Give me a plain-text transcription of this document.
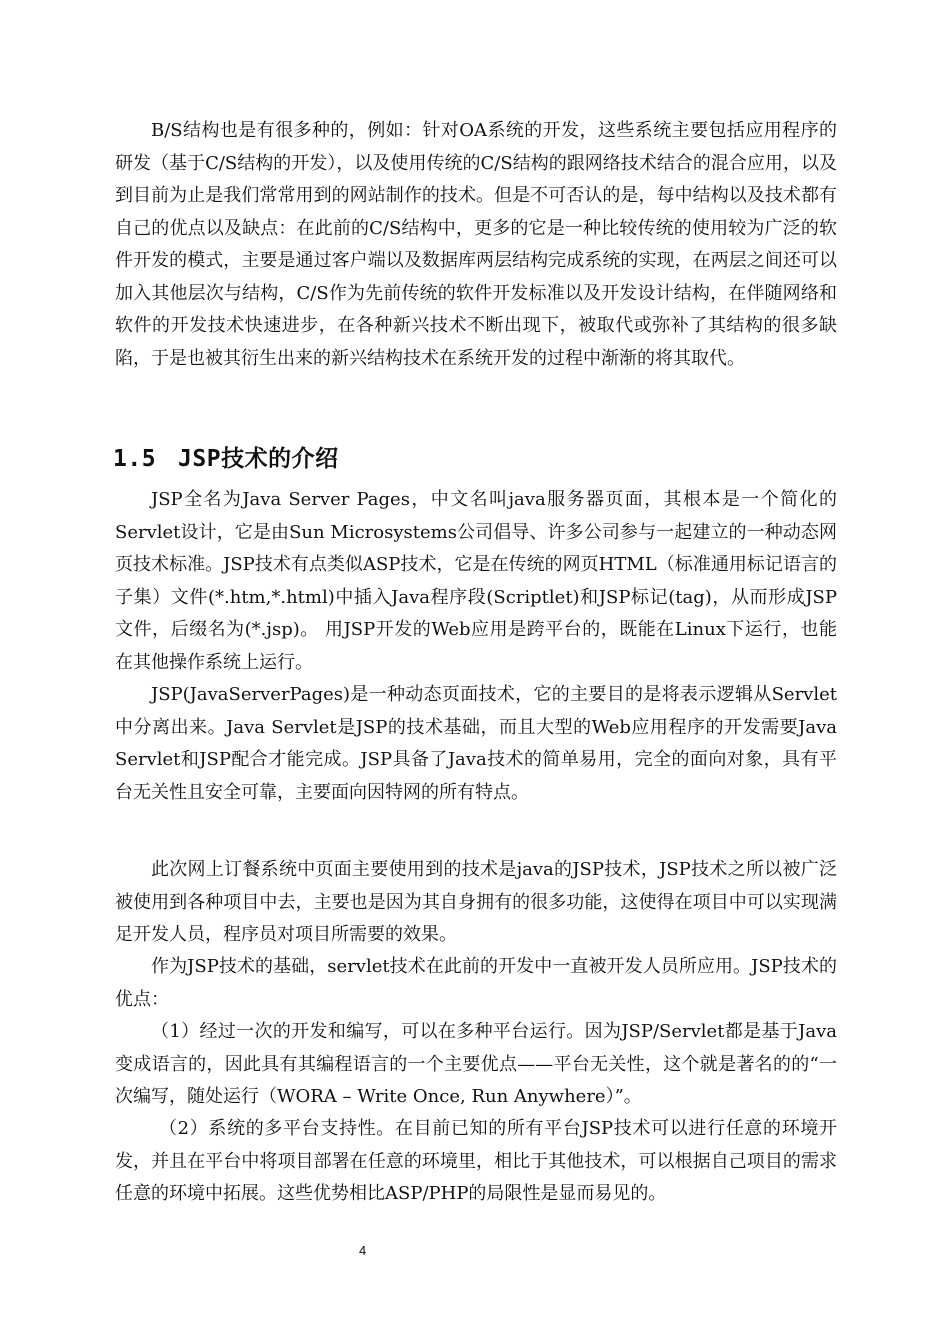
B/S结构也是有很多种的，例如：针对OA系统的开发，这些系统主要包括应用程序的研发（基于C/S结构的开发），以及使用传统的C/S结构的跟网络技术结合的混合应用，以及到目前为止是我们常常用到的网站制作的技术。但是不可否认的是，每中结构以及技术都有自己的优点以及缺点：在此前的C/S结构中，更多的它是一种比较传统的使用较为广泛的软件开发的模式，主要是通过客户端以及数据库两层结构完成系统的实现，在两层之间还可以加入其他层次与结构，C/S作为先前传统的软件开发标准以及开发设计结构，在伴随网络和软件的开发技术快速进步，在各种新兴技术不断出现下，被取代或弥补了其结构的很多缺陷，于是也被其衍生出来的新兴结构技术在系统开发的过程中渐渐的将其取代。

1.5 JSP技术的介绍

JSP全名为Java Server Pages，中文名叫java服务器页面，其根本是一个简化的Servlet设计，它是由Sun Microsystems公司倡导、许多公司参与一起建立的一种动态网页技术标准。JSP技术有点类似ASP技术，它是在传统的网页HTML（标准通用标记语言的子集）文件(*.htm,*.html)中插入Java程序段(Scriptlet)和JSP标记(tag)，从而形成JSP文件，后缀名为(*.jsp)。 用JSP开发的Web应用是跨平台的，既能在Linux下运行，也能在其他操作系统上运行。

JSP(JavaServerPages)是一种动态页面技术，它的主要目的是将表示逻辑从Servlet中分离出来。Java Servlet是JSP的技术基础，而且大型的Web应用程序的开发需要Java Servlet和JSP配合才能完成。JSP具备了Java技术的简单易用，完全的面向对象，具有平台无关性且安全可靠，主要面向因特网的所有特点。

此次网上订餐系统中页面主要使用到的技术是java的JSP技术，JSP技术之所以被广泛被使用到各种项目中去，主要也是因为其自身拥有的很多功能，这使得在项目中可以实现满足开发人员，程序员对项目所需要的效果。

作为JSP技术的基础，servlet技术在此前的开发中一直被开发人员所应用。JSP技术的优点：

（1）经过一次的开发和编写，可以在多种平台运行。因为JSP/Servlet都是基于Java变成语言的，因此具有其编程语言的一个主要优点——平台无关性，这个就是著名的的“一次编写，随处运行（WORA – Write Once, Run Anywhere）”。

（2）系统的多平台支持性。在目前已知的所有平台JSP技术可以进行任意的环境开发，并且在平台中将项目部署在任意的环境里，相比于其他技术，可以根据自己项目的需求任意的环境中拓展。这些优势相比ASP/PHP的局限性是显而易见的。

4
